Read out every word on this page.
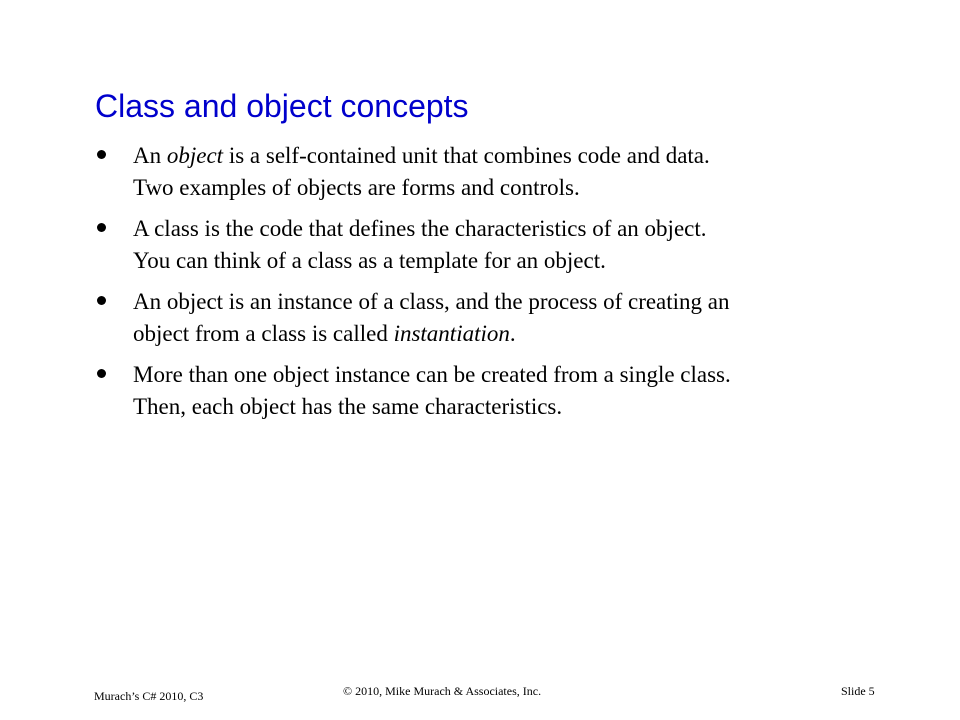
Class and object concepts

An object is a self-contained unit that combines code and data.
Two examples of objects are forms and controls.

A class is the code that defines the characteristics of an object.
You can think of a class as a template for an object.

An object is an instance of a class, and the process of creating an
object from a class is called instantiation.

More than one object instance can be created from a single class.
Then, each object has the same characteristics.

Murach’s C# 2010, C3	© 2010, Mike Murach & Associates, Inc.	Slide 5
